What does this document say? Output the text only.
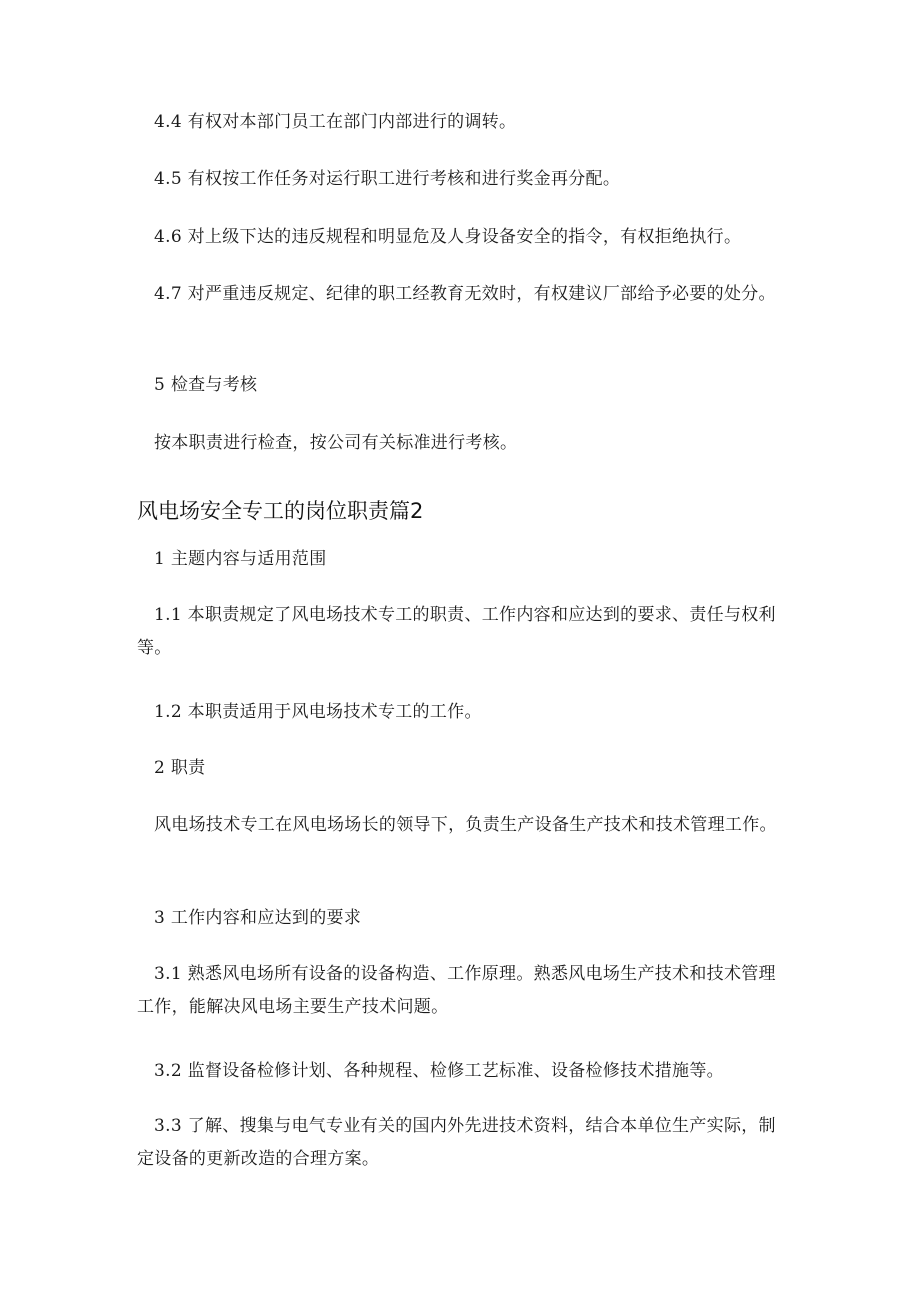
4.4 有权对本部门员工在部门内部进行的调转。

4.5 有权按工作任务对运行职工进行考核和进行奖金再分配。

4.6 对上级下达的违反规程和明显危及人身设备安全的指令，有权拒绝执行。

4.7 对严重违反规定、纪律的职工经教育无效时，有权建议厂部给予必要的处分。

5 检查与考核

按本职责进行检查，按公司有关标准进行考核。

风电场安全专工的岗位职责篇2

1 主题内容与适用范围

1.1 本职责规定了风电场技术专工的职责、工作内容和应达到的要求、责任与权利等。

1.2 本职责适用于风电场技术专工的工作。

2 职责

风电场技术专工在风电场场长的领导下，负责生产设备生产技术和技术管理工作。

3 工作内容和应达到的要求

3.1 熟悉风电场所有设备的设备构造、工作原理。熟悉风电场生产技术和技术管理工作，能解决风电场主要生产技术问题。

3.2 监督设备检修计划、各种规程、检修工艺标准、设备检修技术措施等。

3.3 了解、搜集与电气专业有关的国内外先进技术资料，结合本单位生产实际，制定设备的更新改造的合理方案。
